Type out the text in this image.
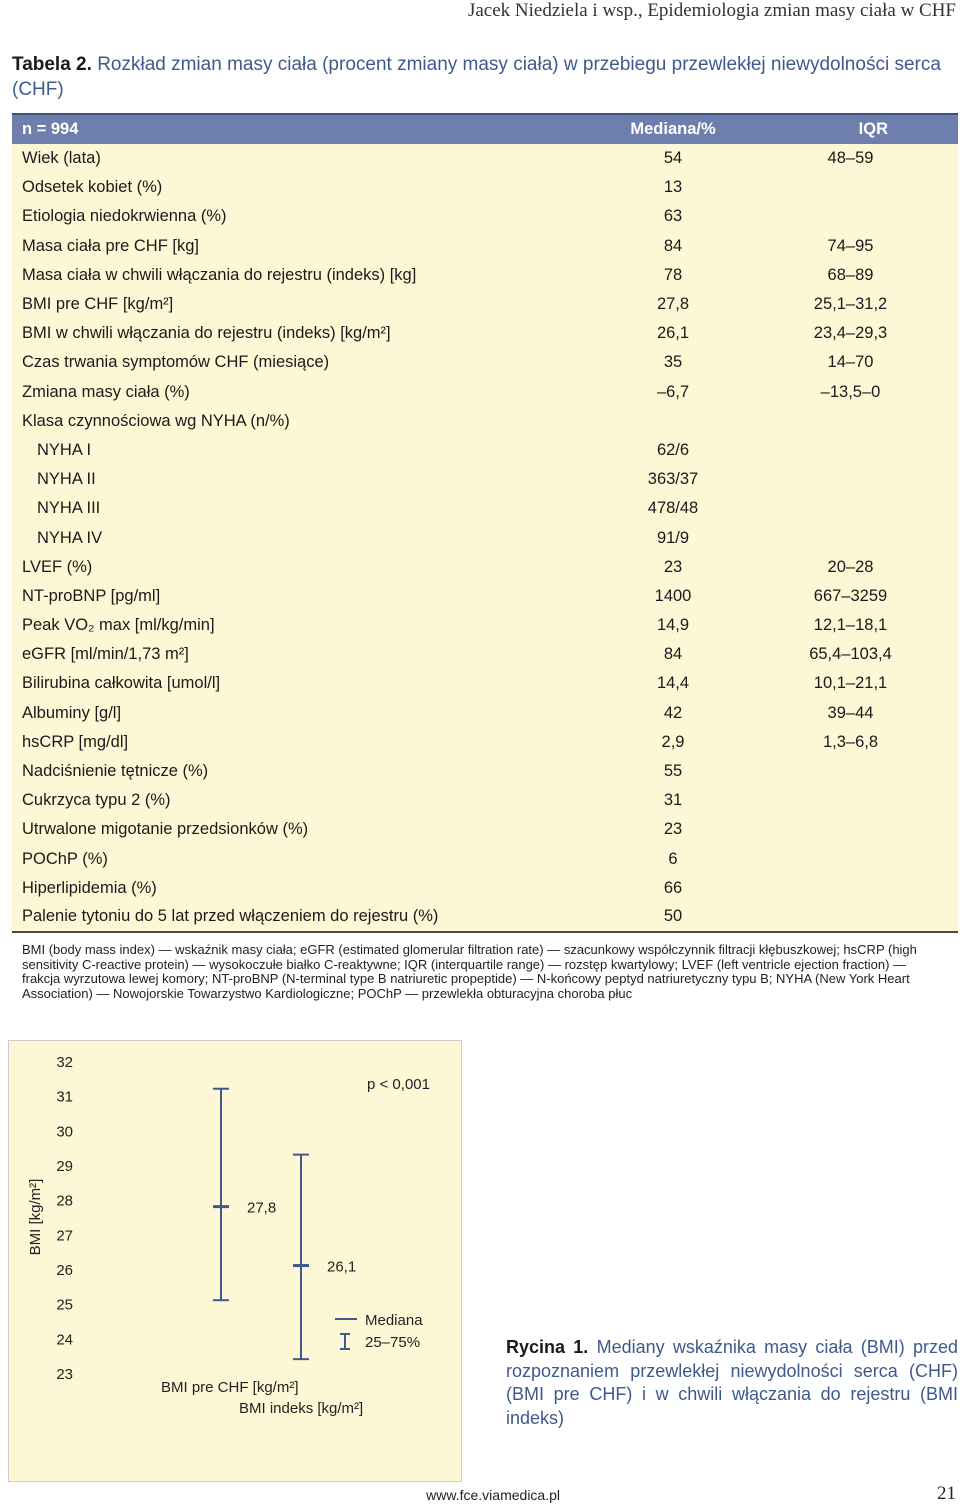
Jacek Niedziela i wsp., Epidemiologia zmian masy ciała w CHF
Tabela 2. Rozkład zmian masy ciała (procent zmiany masy ciała) w przebiegu przewlekłej niewydolności serca (CHF)
n = 994	Mediana/%	IQR
Wiek (lata)	54	48–59
Odsetek kobiet (%)	13	
Etiologia niedokrwienna (%)	63	
Masa ciała pre CHF [kg]	84	74–95
Masa ciała w chwili włączania do rejestru (indeks) [kg]	78	68–89
BMI pre CHF [kg/m²]	27,8	25,1–31,2
BMI w chwili włączania do rejestru (indeks) [kg/m²]	26,1	23,4–29,3
Czas trwania symptomów CHF (miesiące)	35	14–70
Zmiana masy ciała (%)	–6,7	–13,5–0
Klasa czynnościowa wg NYHA (n/%)		
NYHA I	62/6	
NYHA II	363/37	
NYHA III	478/48	
NYHA IV	91/9	
LVEF (%)	23	20–28
NT-proBNP [pg/ml]	1400	667–3259
Peak VO₂ max [ml/kg/min]	14,9	12,1–18,1
eGFR [ml/min/1,73 m²]	84	65,4–103,4
Bilirubina całkowita [umol/l]	14,4	10,1–21,1
Albuminy [g/l]	42	39–44
hsCRP [mg/dl]	2,9	1,3–6,8
Nadciśnienie tętnicze (%)	55	
Cukrzyca typu 2 (%)	31	
Utrwalone migotanie przedsionków (%)	23	
POChP (%)	6	
Hiperlipidemia (%)	66	
Palenie tytoniu do 5 lat przed włączeniem do rejestru (%)	50	
BMI (body mass index) — wskaźnik masy ciała; eGFR (estimated glomerular filtration rate) — szacunkowy współczynnik filtracji kłębuszkowej; hsCRP (high sensitivity C-reactive protein) — wysokoczułe białko C-reaktywne; IQR (interquartile range) — rozstęp kwartylowy; LVEF (left ventricle ejection fraction) — frakcja wyrzutowa lewej komory; NT-proBNP (N-terminal type B natriuretic propeptide) — N-końcowy peptyd natriuretyczny typu B; NYHA (New York Heart Association) — Nowojorskie Towarzystwo Kardiologiczne; POChP — przewlekła obturacyjna choroba płuc
23
24
25
26
27
28
29
30
31
32
BMI [kg/m²]	27,8
26,1
p < 0,001
Mediana
25–75%
BMI pre CHF [kg/m²]
BMI indeks [kg/m²]
Rycina 1. Mediany wskaźnika masy ciała (BMI) przed rozpoznaniem przewlekłej niewydolności serca (CHF) (BMI pre CHF) i w chwili włączania do rejestru (BMI indeks)
www.fce.viamedica.pl	21
